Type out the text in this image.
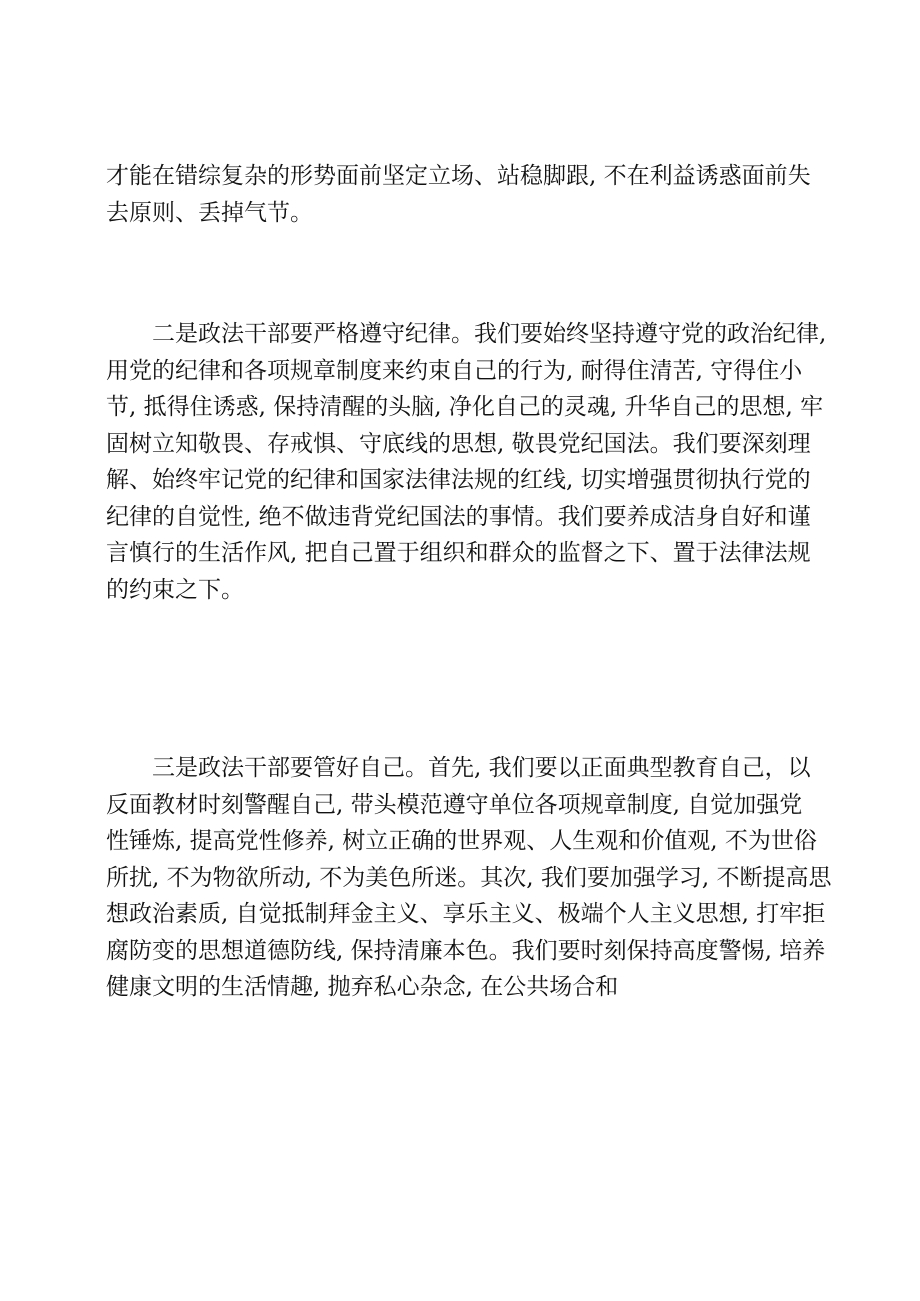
才能在错综复杂的形势面前坚定立场、站稳脚跟, 不在利益诱惑面前失
去原则、丢掉气节。
二是政法干部要严格遵守纪律。我们要始终坚持遵守党的政治纪律,
用党的纪律和各项规章制度来约束自己的行为, 耐得住清苦, 守得住小
节, 抵得住诱惑, 保持清醒的头脑, 净化自己的灵魂, 升华自己的思想, 牢
固树立知敬畏、存戒惧、守底线的思想, 敬畏党纪国法。我们要深刻理
解、始终牢记党的纪律和国家法律法规的红线, 切实增强贯彻执行党的
纪律的自觉性, 绝不做违背党纪国法的事情。我们要养成洁身自好和谨
言慎行的生活作风, 把自己置于组织和群众的监督之下、置于法律法规
的约束之下。
三是政法干部要管好自己。首先, 我们要以正面典型教育自己，以
反面教材时刻警醒自己, 带头模范遵守单位各项规章制度, 自觉加强党
性锤炼, 提高党性修养, 树立正确的世界观、人生观和价值观, 不为世俗
所扰, 不为物欲所动, 不为美色所迷。其次, 我们要加强学习, 不断提高思
想政治素质, 自觉抵制拜金主义、享乐主义、极端个人主义思想, 打牢拒
腐防变的思想道德防线, 保持清廉本色。我们要时刻保持高度警惕, 培养
健康文明的生活情趣, 抛弃私心杂念, 在公共场合和
